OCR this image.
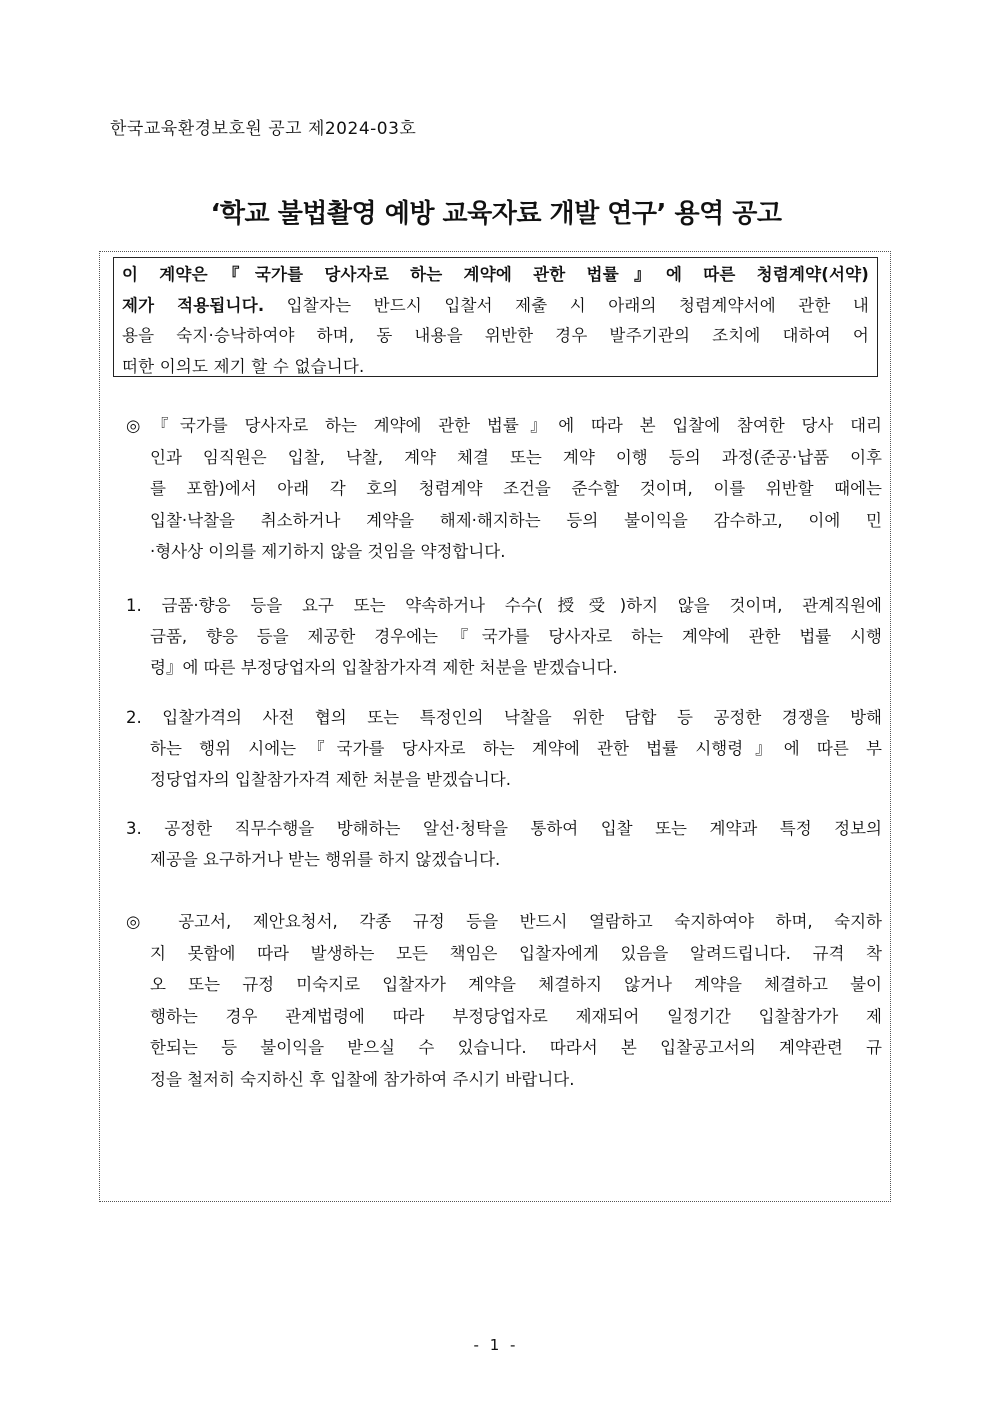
한국교육환경보호원 공고 제2024-03호
‘학교 불법촬영 예방 교육자료 개발 연구’ 용역 공고
이 계약은『국가를 당사자로 하는 계약에 관한 법률』에 따른 청렴계약(서약)
제가 적용됩니다. 입찰자는 반드시 입찰서 제출 시 아래의 청렴계약서에 관한 내
용을 숙지·승낙하여야 하며, 동 내용을 위반한 경우 발주기관의 조치에 대하여 어
떠한 이의도 제기 할 수 없습니다.
◎『국가를 당사자로 하는 계약에 관한 법률』에 따라 본 입찰에 참여한 당사 대리
인과 임직원은 입찰, 낙찰, 계약 체결 또는 계약 이행 등의 과정(준공·납품 이후
를 포함)에서 아래 각 호의 청렴계약 조건을 준수할 것이며, 이를 위반할 때에는
입찰·낙찰을 취소하거나 계약을 해제·해지하는 등의 불이익을 감수하고, 이에 민
·형사상 이의를 제기하지 않을 것임을 약정합니다.
1. 금품·향응 등을 요구 또는 약속하거나 수수(授受)하지 않을 것이며, 관계직원에
금품, 향응 등을 제공한 경우에는『국가를 당사자로 하는 계약에 관한 법률 시행
령』에 따른 부정당업자의 입찰참가자격 제한 처분을 받겠습니다.
2. 입찰가격의 사전 협의 또는 특정인의 낙찰을 위한 담합 등 공정한 경쟁을 방해
하는 행위 시에는『국가를 당사자로 하는 계약에 관한 법률 시행령』에 따른 부
정당업자의 입찰참가자격 제한 처분을 받겠습니다.
3. 공정한 직무수행을 방해하는 알선·청탁을 통하여 입찰 또는 계약과 특정 정보의
제공을 요구하거나 받는 행위를 하지 않겠습니다.
◎ 공고서, 제안요청서, 각종 규정 등을 반드시 열람하고 숙지하여야 하며, 숙지하
지 못함에 따라 발생하는 모든 책임은 입찰자에게 있음을 알려드립니다. 규격 착
오 또는 규정 미숙지로 입찰자가 계약을 체결하지 않거나 계약을 체결하고 불이
행하는 경우 관계법령에 따라 부정당업자로 제재되어 일정기간 입찰참가가 제
한되는 등 불이익을 받으실 수 있습니다. 따라서 본 입찰공고서의 계약관련 규
정을 철저히 숙지하신 후 입찰에 참가하여 주시기 바랍니다.
- 1 -
